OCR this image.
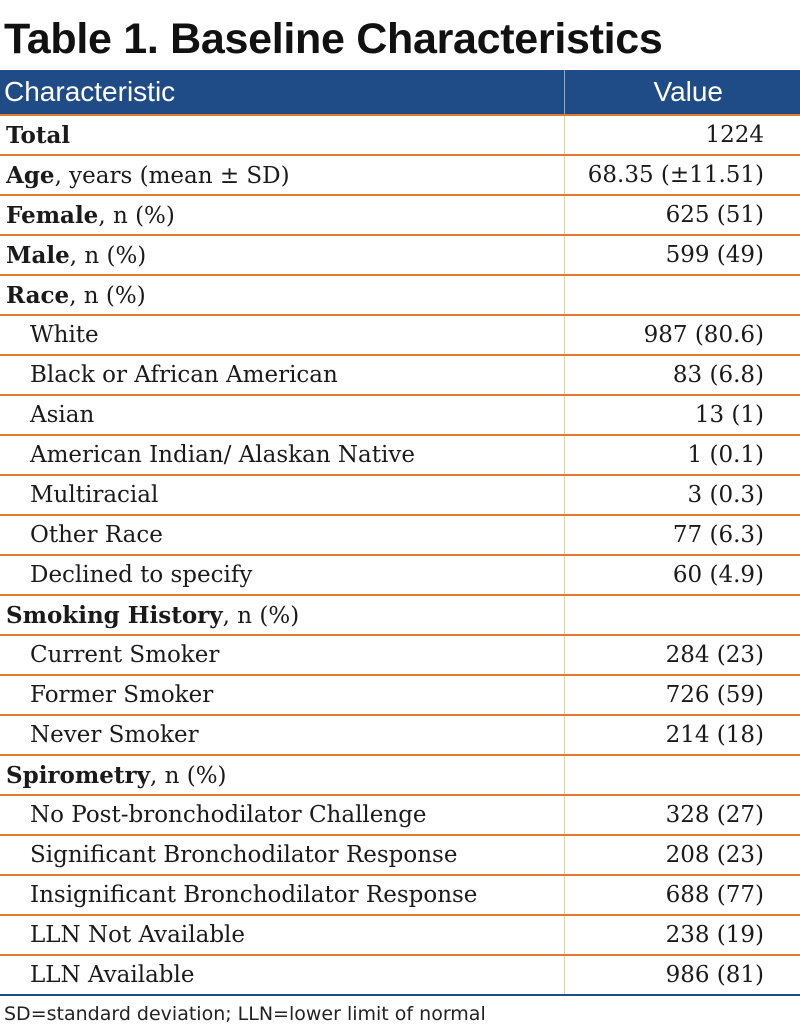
Table 1. Baseline Characteristics
Characteristic	Value
Total	1224
Age, years (mean ± SD)	68.35 (±11.51)
Female, n (%)	625 (51)
Male, n (%)	599 (49)
Race, n (%)	
White	987 (80.6)
Black or African American	83 (6.8)
Asian	13 (1)
American Indian/ Alaskan Native	1 (0.1)
Multiracial	3 (0.3)
Other Race	77 (6.3)
Declined to specify	60 (4.9)
Smoking History, n (%)	
Current Smoker	284 (23)
Former Smoker	726 (59)
Never Smoker	214 (18)
Spirometry, n (%)	
No Post-bronchodilator Challenge	328 (27)
Significant Bronchodilator Response	208 (23)
Insignificant Bronchodilator Response	688 (77)
LLN Not Available	238 (19)
LLN Available	986 (81)
SD=standard deviation; LLN=lower limit of normal
